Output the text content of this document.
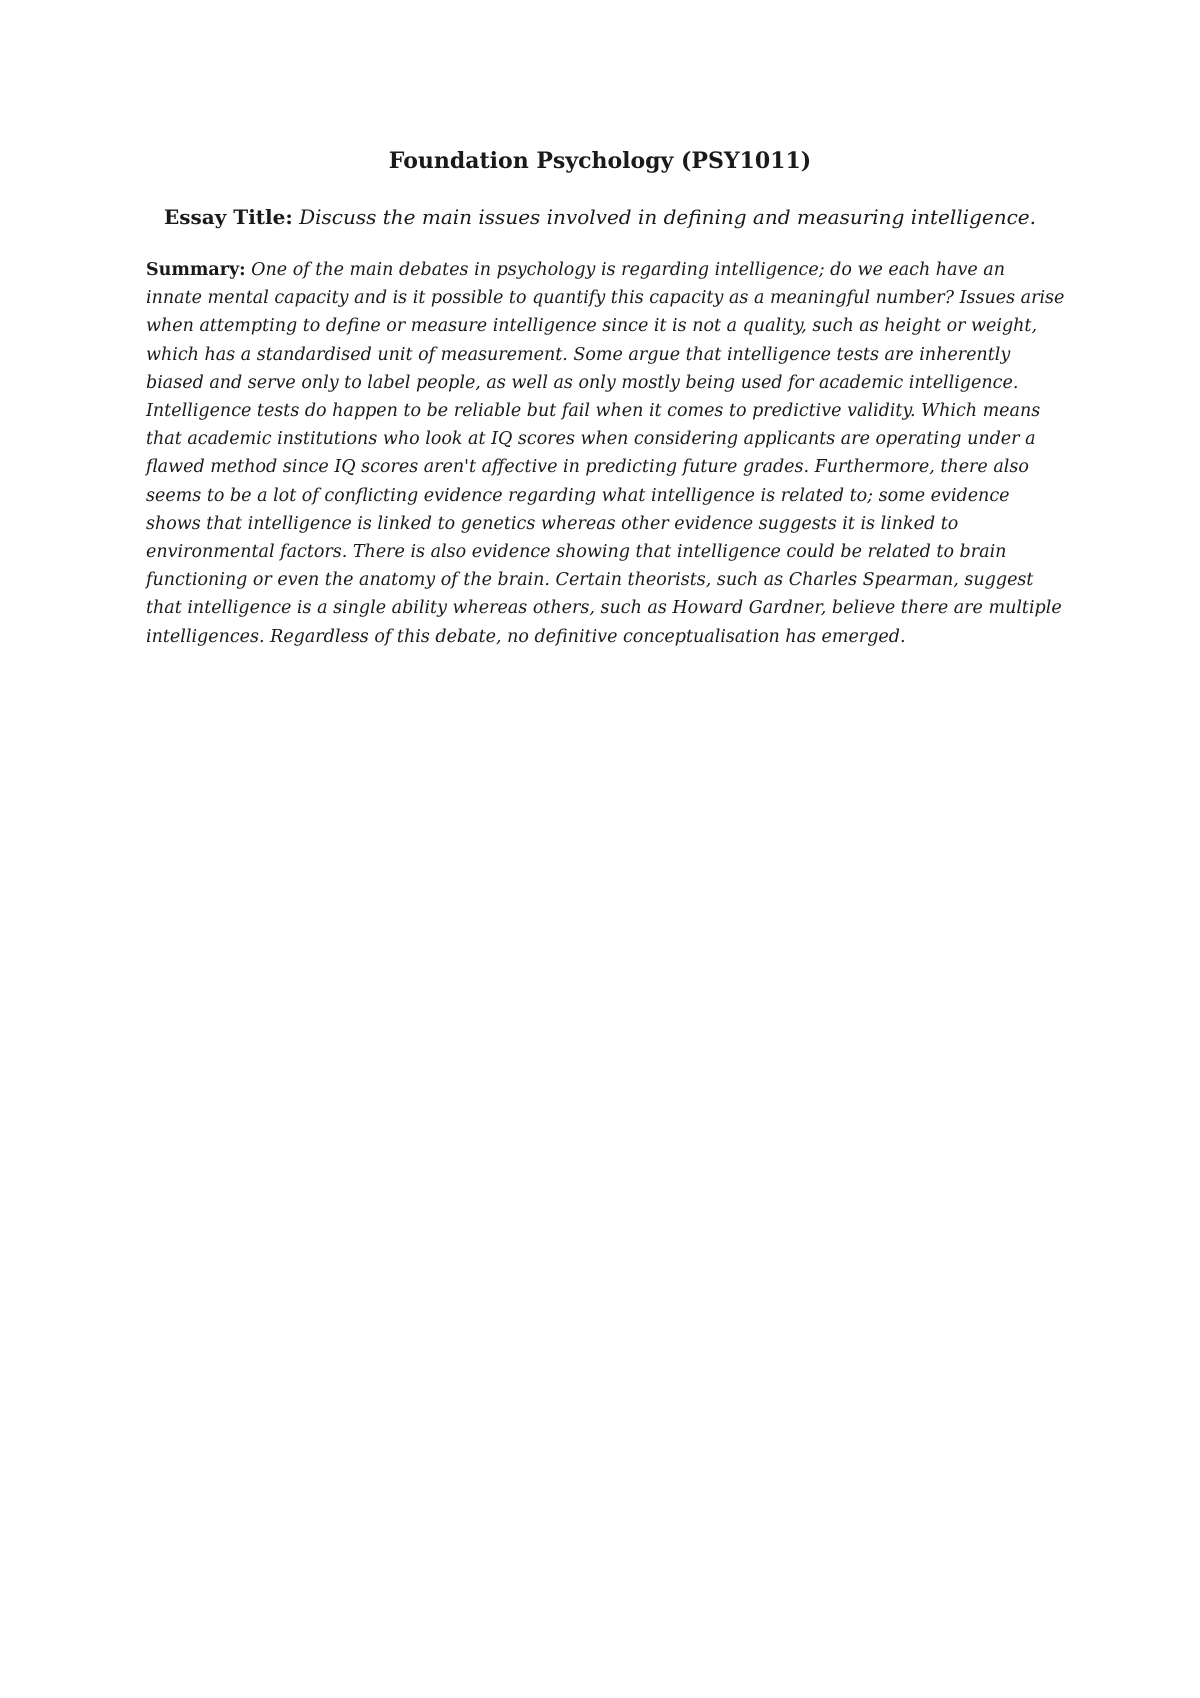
Foundation Psychology (PSY1011)

Essay Title: Discuss the main issues involved in defining and measuring intelligence.

Summary: One of the main debates in psychology is regarding intelligence; do we each have an innate mental capacity and is it possible to quantify this capacity as a meaningful number? Issues arise when attempting to define or measure intelligence since it is not a quality, such as height or weight, which has a standardised unit of measurement. Some argue that intelligence tests are inherently biased and serve only to label people, as well as only mostly being used for academic intelligence. Intelligence tests do happen to be reliable but fail when it comes to predictive validity. Which means that academic institutions who look at IQ scores when considering applicants are operating under a flawed method since IQ scores aren't affective in predicting future grades. Furthermore, there also seems to be a lot of conflicting evidence regarding what intelligence is related to; some evidence shows that intelligence is linked to genetics whereas other evidence suggests it is linked to environmental factors. There is also evidence showing that intelligence could be related to brain functioning or even the anatomy of the brain. Certain theorists, such as Charles Spearman, suggest that intelligence is a single ability whereas others, such as Howard Gardner, believe there are multiple intelligences. Regardless of this debate, no definitive conceptualisation has emerged.
